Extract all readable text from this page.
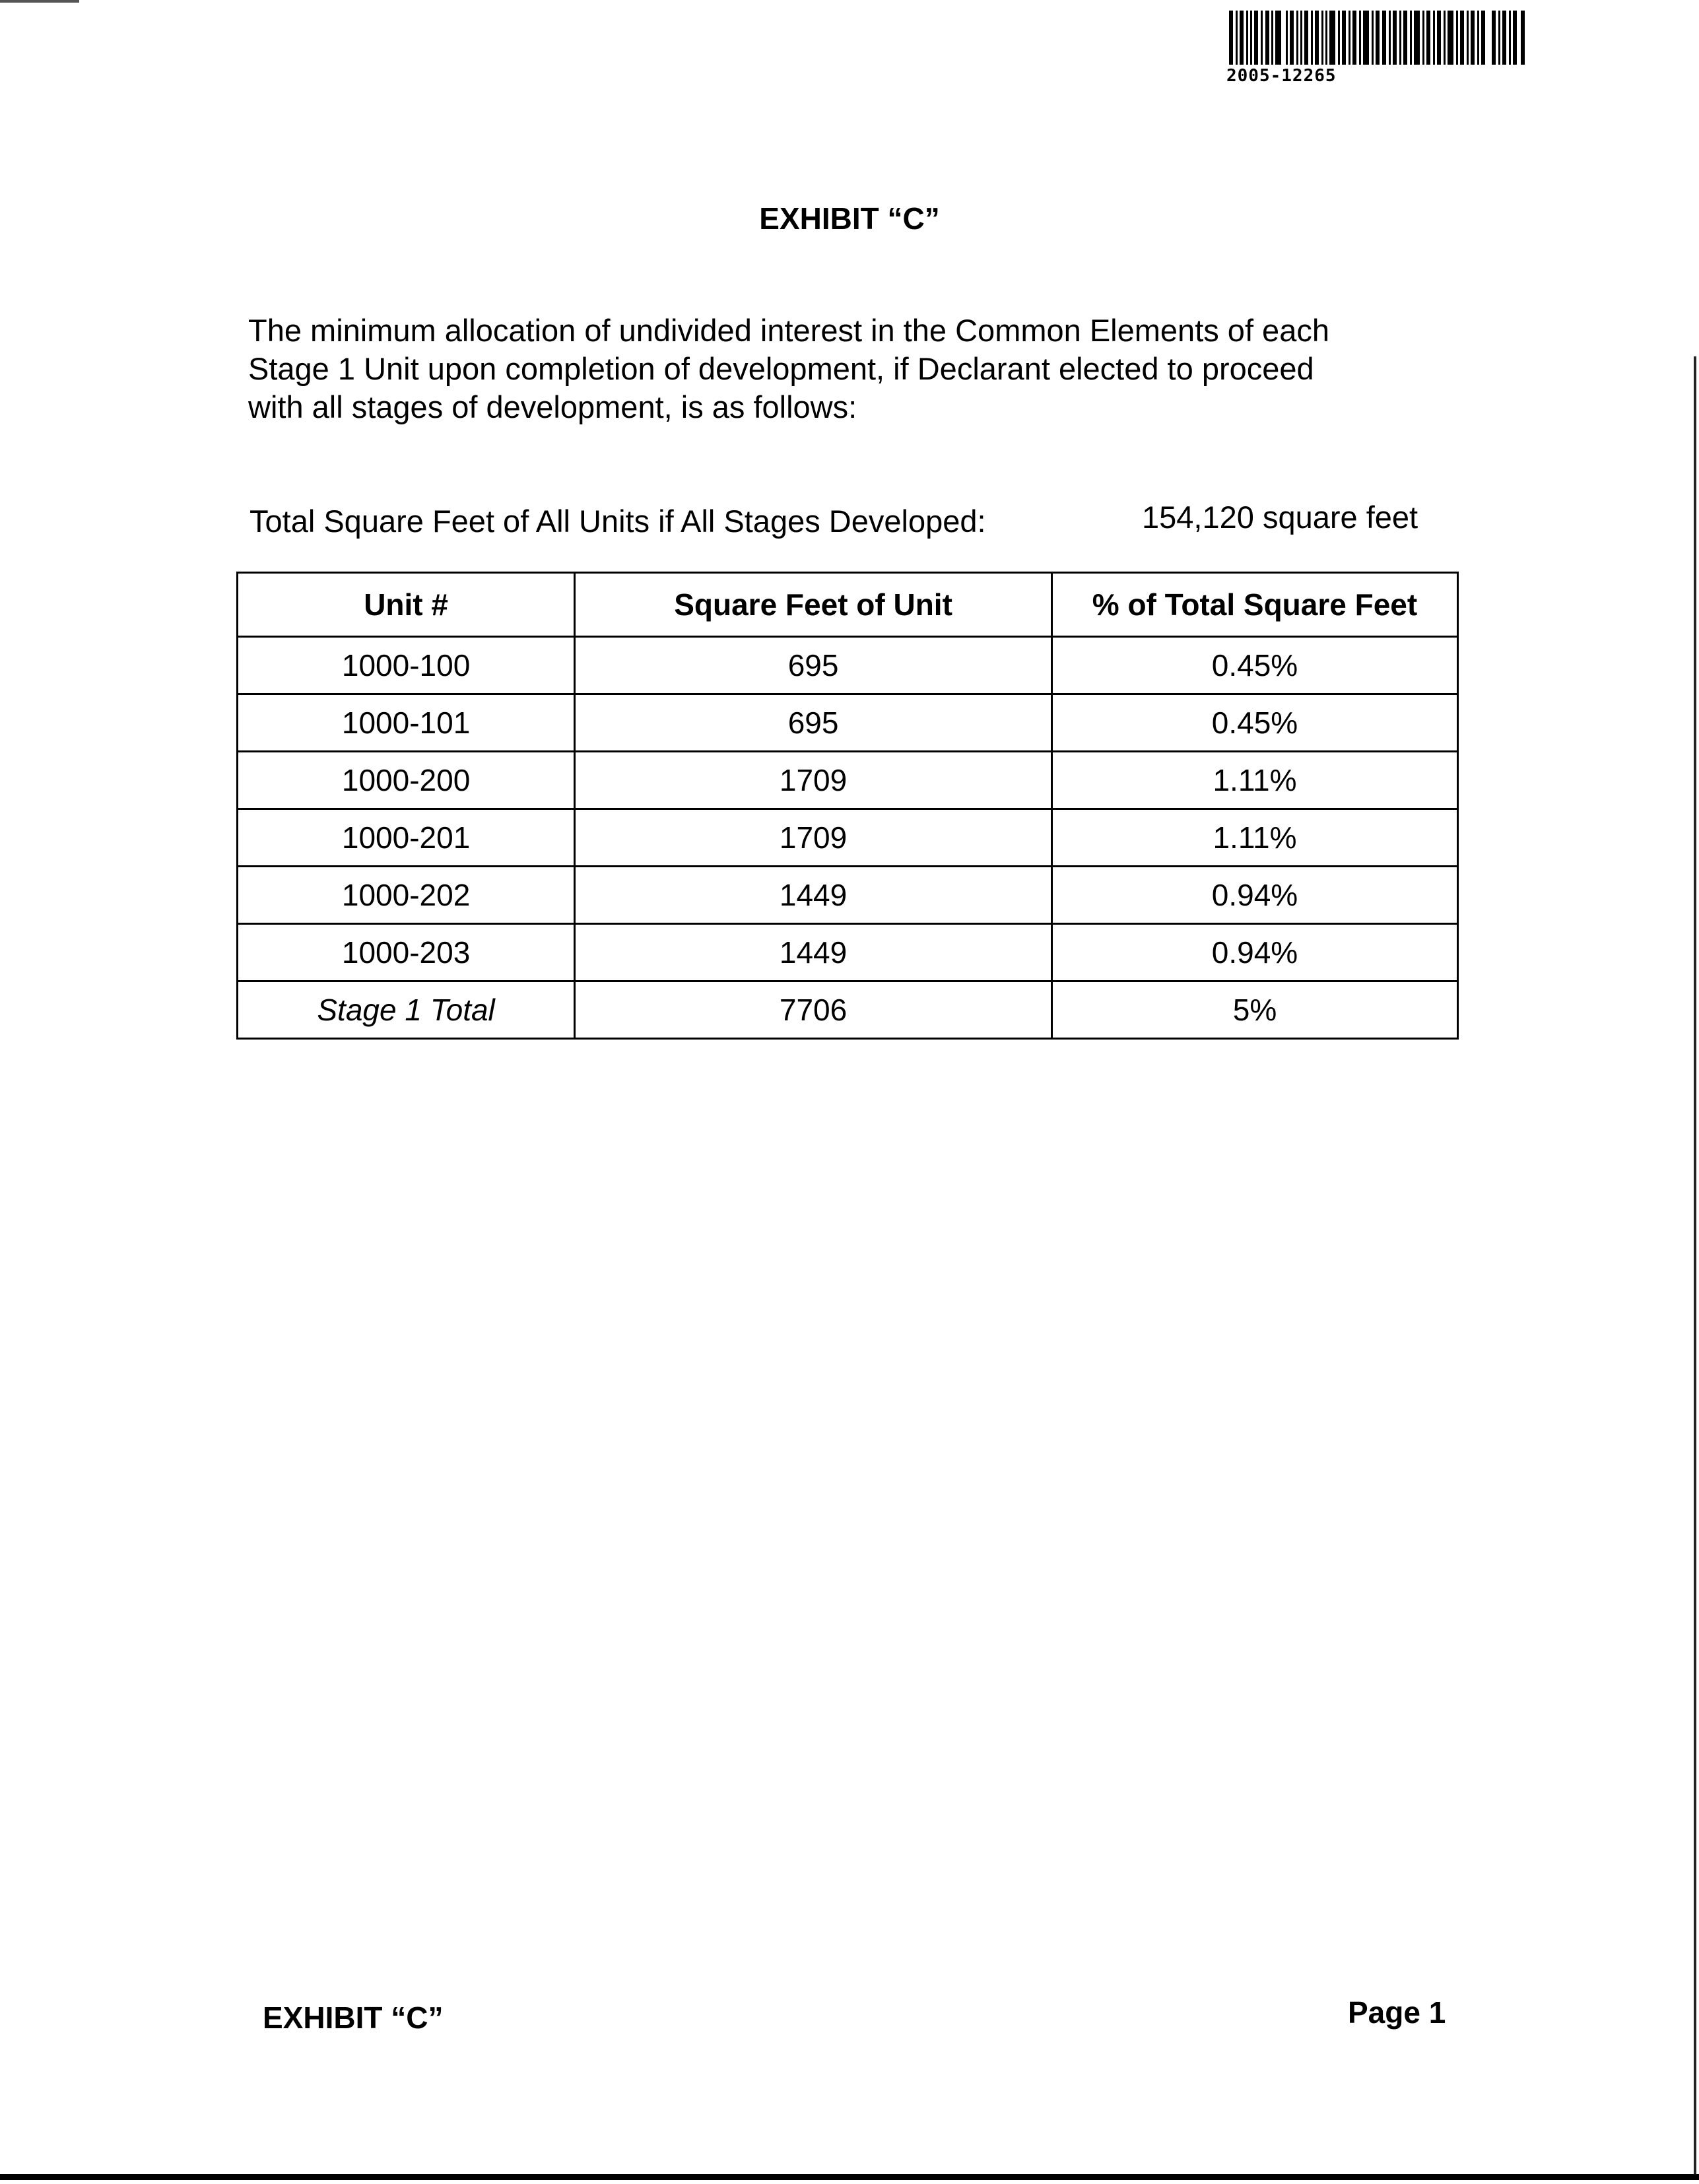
2005-12265
EXHIBIT “C”
The minimum allocation of undivided interest in the Common Elements of each
Stage 1 Unit upon completion of development, if Declarant elected to proceed
with all stages of development, is as follows:
Total Square Feet of All Units if All Stages Developed:	154,120 square feet
Unit #	Square Feet of Unit	% of Total Square Feet
1000-100	695	0.45%
1000-101	695	0.45%
1000-200	1709	1.11%
1000-201	1709	1.11%
1000-202	1449	0.94%
1000-203	1449	0.94%
Stage 1 Total	7706	5%
EXHIBIT “C”	Page 1
